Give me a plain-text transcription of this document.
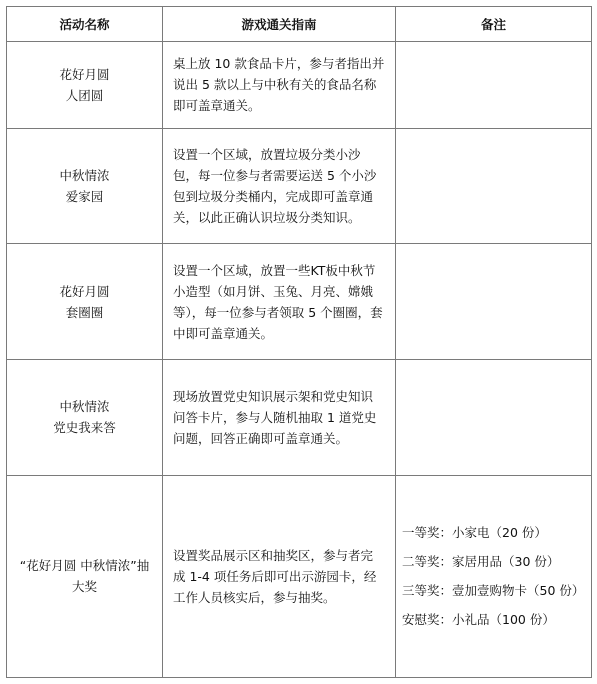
活动名称	游戏通关指南	备注

花好月圆
人团圆	桌上放 10 款食品卡片，参与者指出并说出 5 款以上与中秋有关的食品名称即可盖章通关。	

中秋情浓
爱家园	设置一个区域，放置垃圾分类小沙包，每一位参与者需要运送 5 个小沙包到垃圾分类桶内，完成即可盖章通关，以此正确认识垃圾分类知识。	

花好月圆
套圈圈	设置一个区域，放置一些KT板中秋节小造型（如月饼、玉兔、月亮、嫦娥等），每一位参与者领取 5 个圈圈，套中即可盖章通关。	

中秋情浓
党史我来答	现场放置党史知识展示架和党史知识问答卡片，参与人随机抽取 1 道党史问题，回答正确即可盖章通关。	

“花好月圆 中秋情浓”抽
大奖	设置奖品展示区和抽奖区，参与者完成 1-4 项任务后即可出示游园卡，经工作人员核实后，参与抽奖。	一等奖：小家电（20 份）
二等奖：家居用品（30 份）
三等奖：壹加壹购物卡（50 份）
安慰奖：小礼品（100 份）
